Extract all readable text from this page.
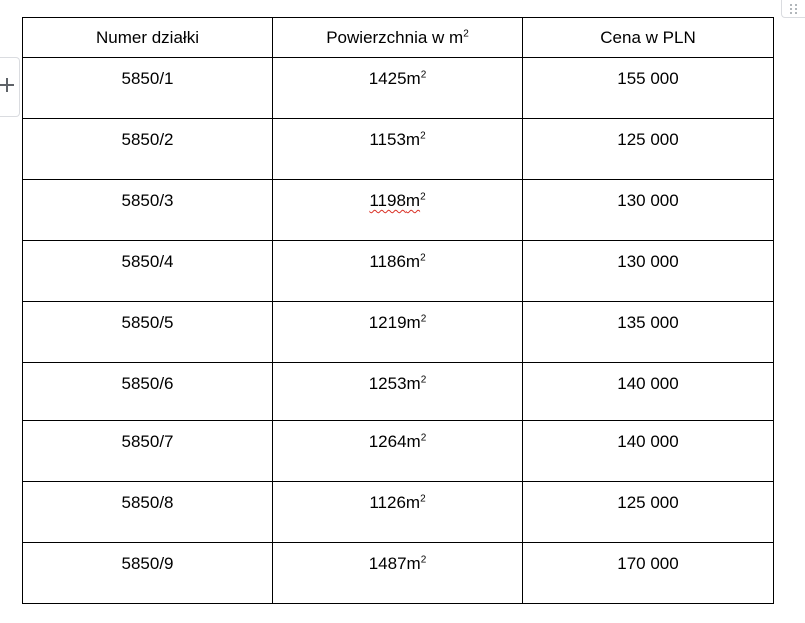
Numer działki	Powierzchnia w $m^2$	Cena w PLN
5850/1	$1425m^2$	155 000
5850/2	$1153m^2$	125 000
5850/3	$1198m^2$	130 000
5850/4	$1186m^2$	130 000
5850/5	$1219m^2$	135 000
5850/6	$1253m^2$	140 000
5850/7	$1264m^2$	140 000
5850/8	$1126m^2$	125 000
5850/9	$1487m^2$	170 000
